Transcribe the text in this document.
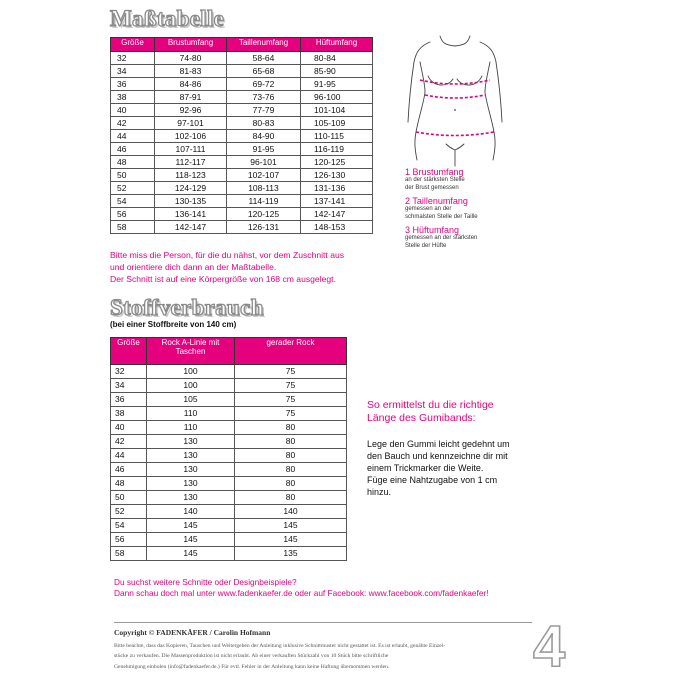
Maßtabelle
Größe	Brustumfang	Taillenumfang	Hüftumfang
32	74-80	58-64	80-84
34	81-83	65-68	85-90
36	84-86	69-72	91-95
38	87-91	73-76	96-100
40	92-96	77-79	101-104
42	97-101	80-83	105-109
44	102-106	84-90	110-115
46	107-111	91-95	116-119
48	112-117	96-101	120-125
50	118-123	102-107	126-130
52	124-129	108-113	131-136
54	130-135	114-119	137-141
56	136-141	120-125	142-147
58	142-147	126-131	148-153
Bitte miss die Person, für die du nähst, vor dem Zuschnitt aus
und orientiere dich dann an der Maßtabelle.
Der Schnitt ist auf eine Körpergröße von 168 cm ausgelegt.
1 Brustumfang
an der stärksten Stelle
der Brust gemessen
2 Taillenumfang
gemessen an der
schmalsten Stelle der Taille
3 Hüftumfang
gemessen an der stärksten
Stelle der Hüfte
Stoffverbrauch
(bei einer Stoffbreite von 140 cm)
Größe	Rock A-Linie mit Taschen	gerader Rock
32	100	75
34	100	75
36	105	75
38	110	75
40	110	80
42	130	80
44	130	80
46	130	80
48	130	80
50	130	80
52	140	140
54	145	145
56	145	145
58	145	135
So ermittelst du die richtige
Länge des Gumibands:
Lege den Gummi leicht gedehnt um
den Bauch und kennzeichne dir mit
einem Trickmarker die Weite.
Füge eine Nahtzugabe von 1 cm
hinzu.
Du suchst weitere Schnitte oder Designbeispiele?
Dann schau doch mal unter www.fadenkaefer.de oder auf Facebook: www.facebook.com/fadenkaefer!
Copyright © FADENKÄFER / Carolin Hofmann
Bitte beachte, dass das Kopieren, Tauschen und Weitergeben der Anleitung inklusive Schnittmuster nicht gestattet ist. Es ist erlaubt, genähte Einzel-
stücke zu verkaufen. Die Massenproduktion ist nicht erlaubt. Ab einer verkauften Stückzahl von 10 Stück bitte schriftliche
Genehmigung einholen (info@fadenkaefer.de.) Für evtl. Fehler in der Anleitung kann keine Haftung übernommen werden.	4
